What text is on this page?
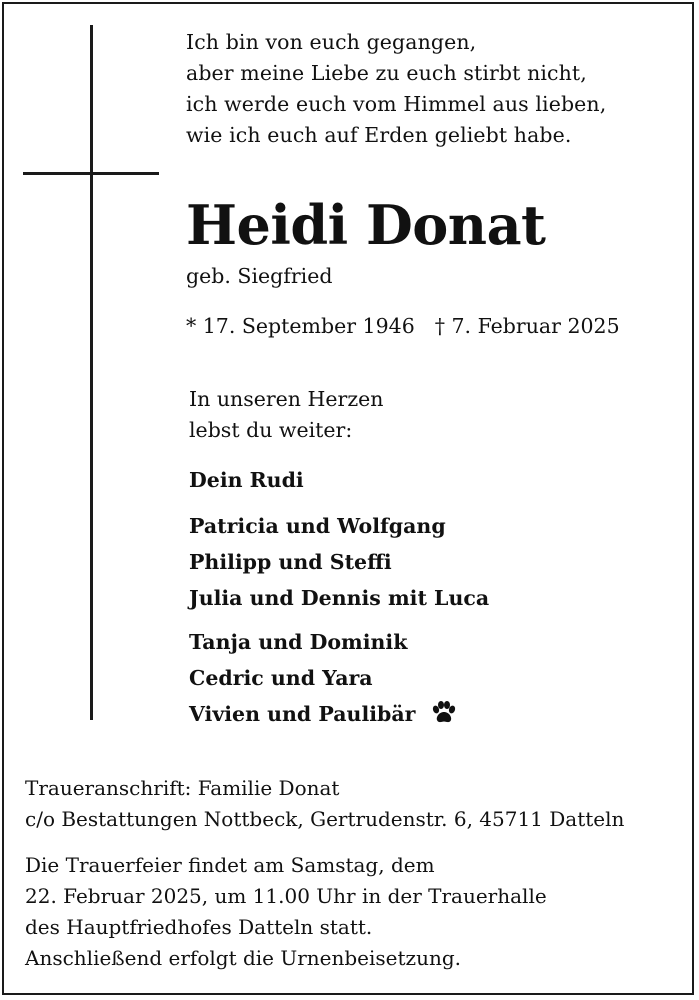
Ich bin von euch gegangen,
aber meine Liebe zu euch stirbt nicht,
ich werde euch vom Himmel aus lieben,
wie ich euch auf Erden geliebt habe.
Heidi Donat
geb. Siegfried
* 17. September 1946 † 7. Februar 2025
In unseren Herzen
lebst du weiter:
Dein Rudi
Patricia und Wolfgang
Philipp und Steffi
Julia und Dennis mit Luca
Tanja und Dominik
Cedric und Yara
Vivien und Paulibär
Traueranschrift: Familie Donat
c/o Bestattungen Nottbeck, Gertrudenstr. 6, 45711 Datteln
Die Trauerfeier findet am Samstag, dem
22. Februar 2025, um 11.00 Uhr in der Trauerhalle
des Hauptfriedhofes Datteln statt.
Anschließend erfolgt die Urnenbeisetzung.
